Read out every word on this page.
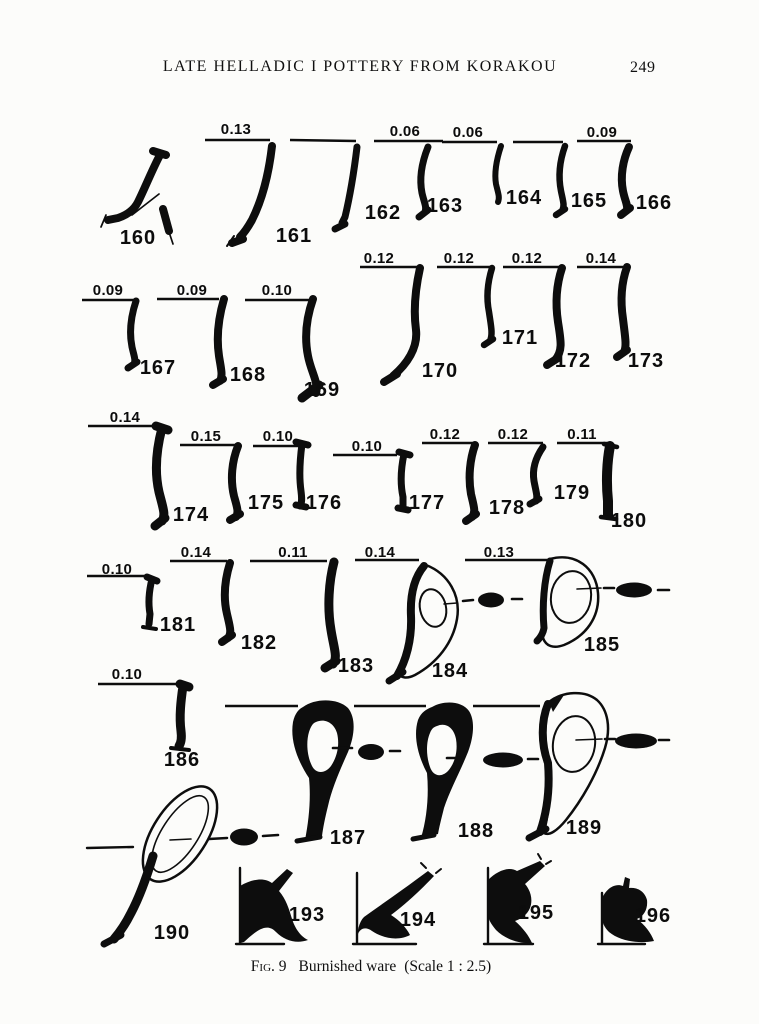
LATE HELLADIC I POTTERY FROM KORAKOU	249
0.13	0.06 0.06	0.09
0.09	0.09	0.10
0.12	0.12	0.12	0.14
0.14
0.15	0.10
0.10
0.12	0.12	0.11
0.10
0.14	0.11	0.14	0.13
0.10
160	161
162 163 164 165 166
167	168
169
170
171
172 173
174
175 176	177 178
179
180
181
182
183	184
185
186
187	188	189
190
193	194	195	196
Fig. 9 Burnished ware (Scale 1 : 2.5)
